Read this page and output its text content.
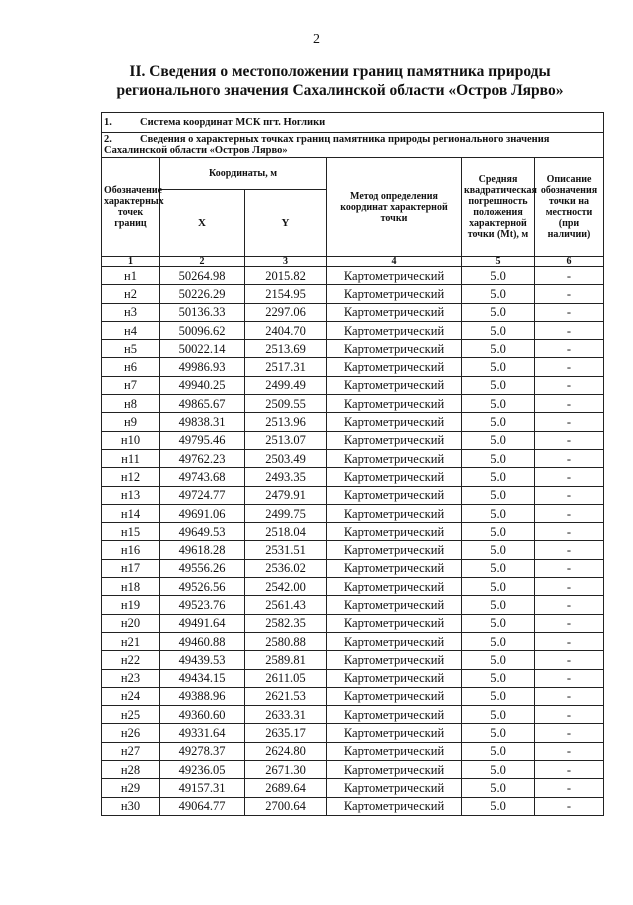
2
II. Сведения о местоположении границ памятника природы
регионального значения Сахалинской области «Остров Лярво»
1. Система координат МСК пгт. Ноглики					
2. Сведения о характерных точках границ памятника природы регионального значения Сахалинской области «Остров Лярво»					
Обозначение характерных точек границ	Координаты, м		Метод определения координат характерной точки	Средняя квадратическая погрешность положения характерной точки (Мt), м	Описание обозначения точки на местности (при наличии)
	X	Y			
1	2	3	4	5	6
н1	50264.98	2015.82	Картометрический	5.0	-
н2	50226.29	2154.95	Картометрический	5.0	-
н3	50136.33	2297.06	Картометрический	5.0	-
н4	50096.62	2404.70	Картометрический	5.0	-
н5	50022.14	2513.69	Картометрический	5.0	-
н6	49986.93	2517.31	Картометрический	5.0	-
н7	49940.25	2499.49	Картометрический	5.0	-
н8	49865.67	2509.55	Картометрический	5.0	-
н9	49838.31	2513.96	Картометрический	5.0	-
н10	49795.46	2513.07	Картометрический	5.0	-
н11	49762.23	2503.49	Картометрический	5.0	-
н12	49743.68	2493.35	Картометрический	5.0	-
н13	49724.77	2479.91	Картометрический	5.0	-
н14	49691.06	2499.75	Картометрический	5.0	-
н15	49649.53	2518.04	Картометрический	5.0	-
н16	49618.28	2531.51	Картометрический	5.0	-
н17	49556.26	2536.02	Картометрический	5.0	-
н18	49526.56	2542.00	Картометрический	5.0	-
н19	49523.76	2561.43	Картометрический	5.0	-
н20	49491.64	2582.35	Картометрический	5.0	-
н21	49460.88	2580.88	Картометрический	5.0	-
н22	49439.53	2589.81	Картометрический	5.0	-
н23	49434.15	2611.05	Картометрический	5.0	-
н24	49388.96	2621.53	Картометрический	5.0	-
н25	49360.60	2633.31	Картометрический	5.0	-
н26	49331.64	2635.17	Картометрический	5.0	-
н27	49278.37	2624.80	Картометрический	5.0	-
н28	49236.05	2671.30	Картометрический	5.0	-
н29	49157.31	2689.64	Картометрический	5.0	-
н30	49064.77	2700.64	Картометрический	5.0	-
